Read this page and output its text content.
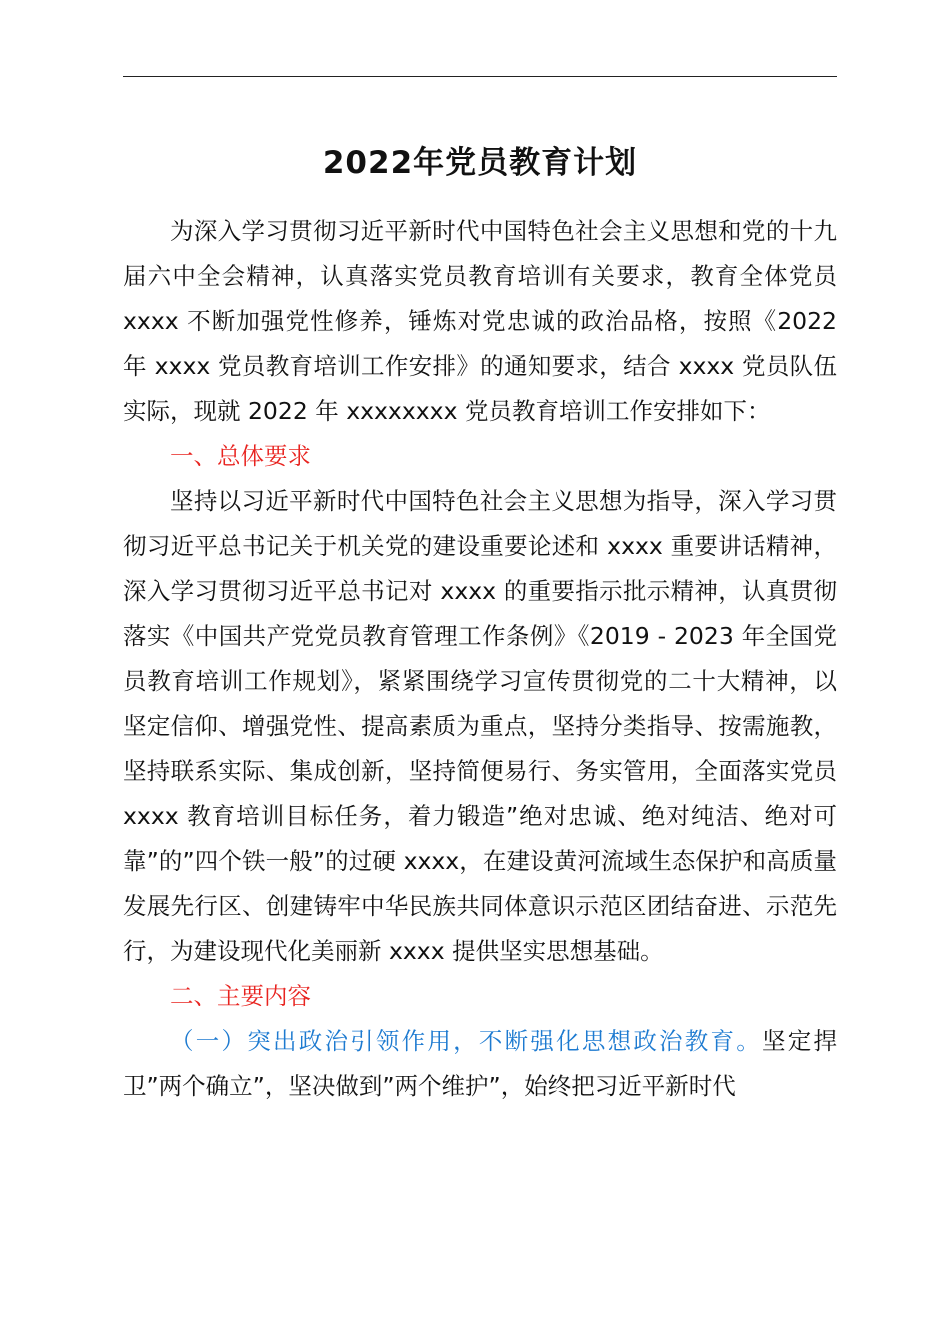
2022年党员教育计划

为深入学习贯彻习近平新时代中国特色社会主义思想和党的十九届六中全会精神，认真落实党员教育培训有关要求，教育全体党员 xxxx 不断加强党性修养，锤炼对党忠诚的政治品格，按照《2022 年 xxxx 党员教育培训工作安排》的通知要求，结合 xxxx 党员队伍实际，现就 2022 年 xxxxxxxx 党员教育培训工作安排如下：

一、总体要求

坚持以习近平新时代中国特色社会主义思想为指导，深入学习贯彻习近平总书记关于机关党的建设重要论述和 xxxx 重要讲话精神，深入学习贯彻习近平总书记对 xxxx 的重要指示批示精神，认真贯彻落实《中国共产党党员教育管理工作条例》《2019 - 2023 年全国党员教育培训工作规划》，紧紧围绕学习宣传贯彻党的二十大精神，以坚定信仰、增强党性、提高素质为重点，坚持分类指导、按需施教，坚持联系实际、集成创新，坚持简便易行、务实管用，全面落实党员 xxxx 教育培训目标任务，着力锻造”绝对忠诚、绝对纯洁、绝对可靠”的”四个铁一般”的过硬 xxxx，在建设黄河流域生态保护和高质量发展先行区、创建铸牢中华民族共同体意识示范区团结奋进、示范先行，为建设现代化美丽新 xxxx 提供坚实思想基础。

二、主要内容

（一）突出政治引领作用，不断强化思想政治教育。坚定捍卫”两个确立”，坚决做到”两个维护”，始终把习近平新时代
